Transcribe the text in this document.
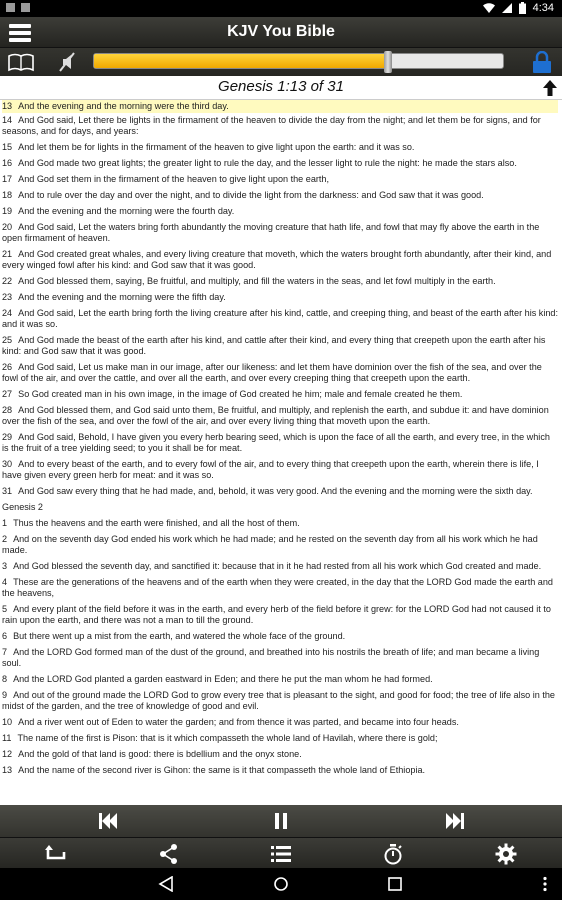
4:34
KJV You Bible
Genesis 1:13 of 31
13 And the evening and the morning were the third day.
14 And God said, Let there be lights in the firmament of the heaven to divide the day from the night; and let them be for signs, and for seasons, and for days, and years:
15 And let them be for lights in the firmament of the heaven to give light upon the earth: and it was so.
16 And God made two great lights; the greater light to rule the day, and the lesser light to rule the night: he made the stars also.
17 And God set them in the firmament of the heaven to give light upon the earth,
18 And to rule over the day and over the night, and to divide the light from the darkness: and God saw that it was good.
19 And the evening and the morning were the fourth day.
20 And God said, Let the waters bring forth abundantly the moving creature that hath life, and fowl that may fly above the earth in the open firmament of heaven.
21 And God created great whales, and every living creature that moveth, which the waters brought forth abundantly, after their kind, and every winged fowl after his kind: and God saw that it was good.
22 And God blessed them, saying, Be fruitful, and multiply, and fill the waters in the seas, and let fowl multiply in the earth.
23 And the evening and the morning were the fifth day.
24 And God said, Let the earth bring forth the living creature after his kind, cattle, and creeping thing, and beast of the earth after his kind: and it was so.
25 And God made the beast of the earth after his kind, and cattle after their kind, and every thing that creepeth upon the earth after his kind: and God saw that it was good.
26 And God said, Let us make man in our image, after our likeness: and let them have dominion over the fish of the sea, and over the fowl of the air, and over the cattle, and over all the earth, and over every creeping thing that creepeth upon the earth.
27 So God created man in his own image, in the image of God created he him; male and female created he them.
28 And God blessed them, and God said unto them, Be fruitful, and multiply, and replenish the earth, and subdue it: and have dominion over the fish of the sea, and over the fowl of the air, and over every living thing that moveth upon the earth.
29 And God said, Behold, I have given you every herb bearing seed, which is upon the face of all the earth, and every tree, in the which is the fruit of a tree yielding seed; to you it shall be for meat.
30 And to every beast of the earth, and to every fowl of the air, and to every thing that creepeth upon the earth, wherein there is life, I have given every green herb for meat: and it was so.
31 And God saw every thing that he had made, and, behold, it was very good. And the evening and the morning were the sixth day.
Genesis 2
1 Thus the heavens and the earth were finished, and all the host of them.
2 And on the seventh day God ended his work which he had made; and he rested on the seventh day from all his work which he had made.
3 And God blessed the seventh day, and sanctified it: because that in it he had rested from all his work which God created and made.
4 These are the generations of the heavens and of the earth when they were created, in the day that the LORD God made the earth and the heavens,
5 And every plant of the field before it was in the earth, and every herb of the field before it grew: for the LORD God had not caused it to rain upon the earth, and there was not a man to till the ground.
6 But there went up a mist from the earth, and watered the whole face of the ground.
7 And the LORD God formed man of the dust of the ground, and breathed into his nostrils the breath of life; and man became a living soul.
8 And the LORD God planted a garden eastward in Eden; and there he put the man whom he had formed.
9 And out of the ground made the LORD God to grow every tree that is pleasant to the sight, and good for food; the tree of life also in the midst of the garden, and the tree of knowledge of good and evil.
10 And a river went out of Eden to water the garden; and from thence it was parted, and became into four heads.
11 The name of the first is Pison: that is it which compasseth the whole land of Havilah, where there is gold;
12 And the gold of that land is good: there is bdellium and the onyx stone.
13 And the name of the second river is Gihon: the same is it that compasseth the whole land of Ethiopia.
